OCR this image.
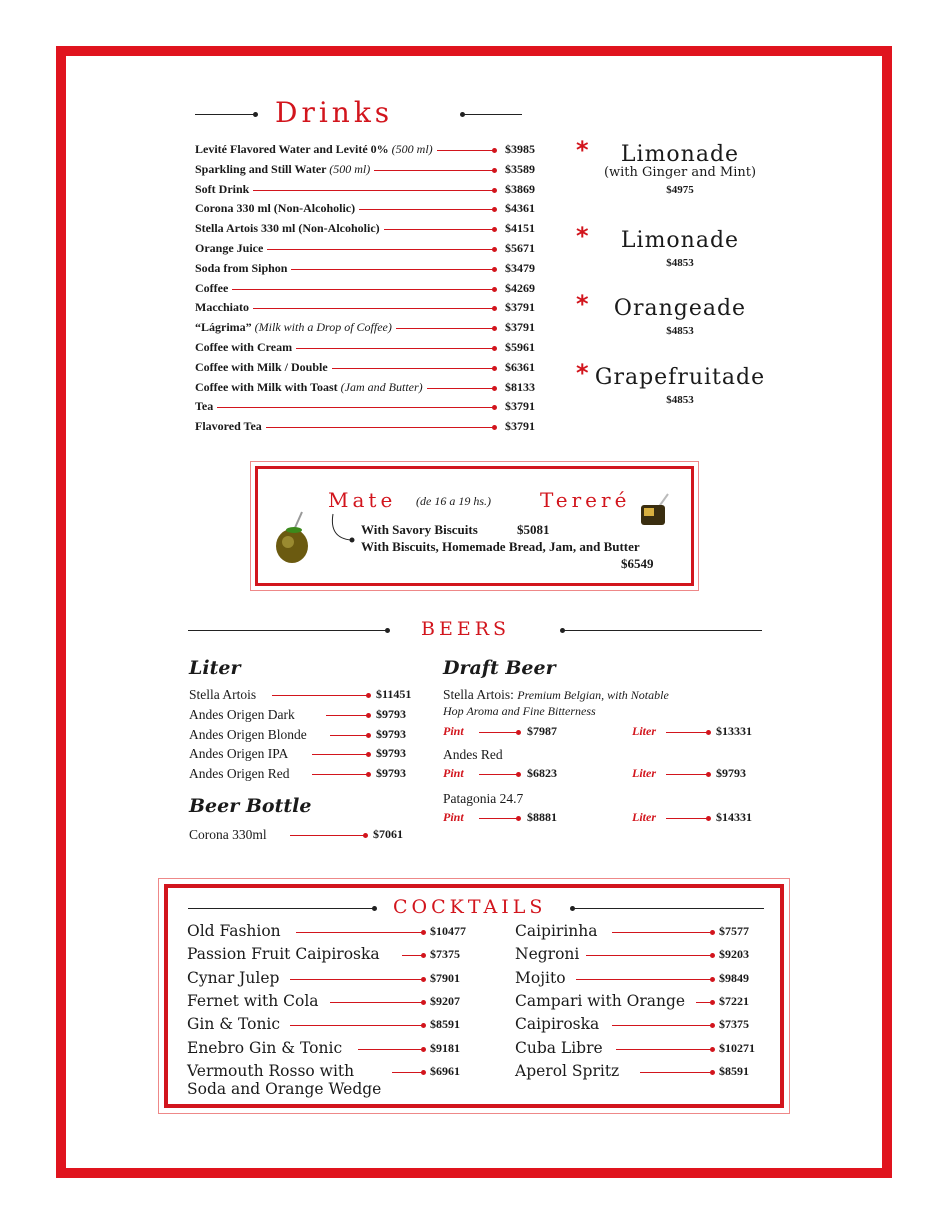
Drinks
Levité Flavored Water and Levité 0% (500 ml)	$3985
Sparkling and Still Water (500 ml)	$3589
Soft Drink	$3869
Corona 330 ml (Non-Alcoholic)	$4361
Stella Artois 330 ml (Non-Alcoholic)	$4151
Orange Juice	$5671
Soda from Siphon	$3479
Coffee	$4269
Macchiato	$3791
“Lágrima” (Milk with a Drop of Coffee)	$3791
Coffee with Cream	$5961
Coffee with Milk / Double	$6361
Coffee with Milk with Toast (Jam and Butter)	$8133
Tea	$3791
Flavored Tea	$3791
*	Limonade
(with Ginger and Mint)
$4975
*	Limonade
$4853
*	Orangeade
$4853
* Grapefruitade
$4853
Mate (de 16 a 19 hs.) Tereré
With Savory Biscuits	$5081
With Biscuits, Homemade Bread, Jam, and Butter
$6549
BEERS
Liter
Stella Artois	$11451
Andes Origen Dark	$9793
Andes Origen Blonde	$9793
Andes Origen IPA	$9793
Andes Origen Red	$9793
Beer Bottle
Corona 330ml	$7061
Draft Beer
Stella Artois: Premium Belgian, with Notable
Hop Aroma and Fine Bitterness
Pint	$7987	Liter	$13331
Andes Red
Pint	$6823	Liter	$9793
Patagonia 24.7
Pint	$8881	Liter	$14331
COCKTAILS
Old Fashion	$10477
Passion Fruit Caipiroska	$7375
Cynar Julep	$7901
Fernet with Cola	$9207
Gin & Tonic	$8591
Enebro Gin & Tonic	$9181
Vermouth Rosso with
Soda and Orange Wedge
$6961
Caipirinha	$7577
Negroni	$9203
Mojito	$9849
Campari with Orange	$7221
Caipiroska	$7375
Cuba Libre	$10271
Aperol Spritz	$8591
